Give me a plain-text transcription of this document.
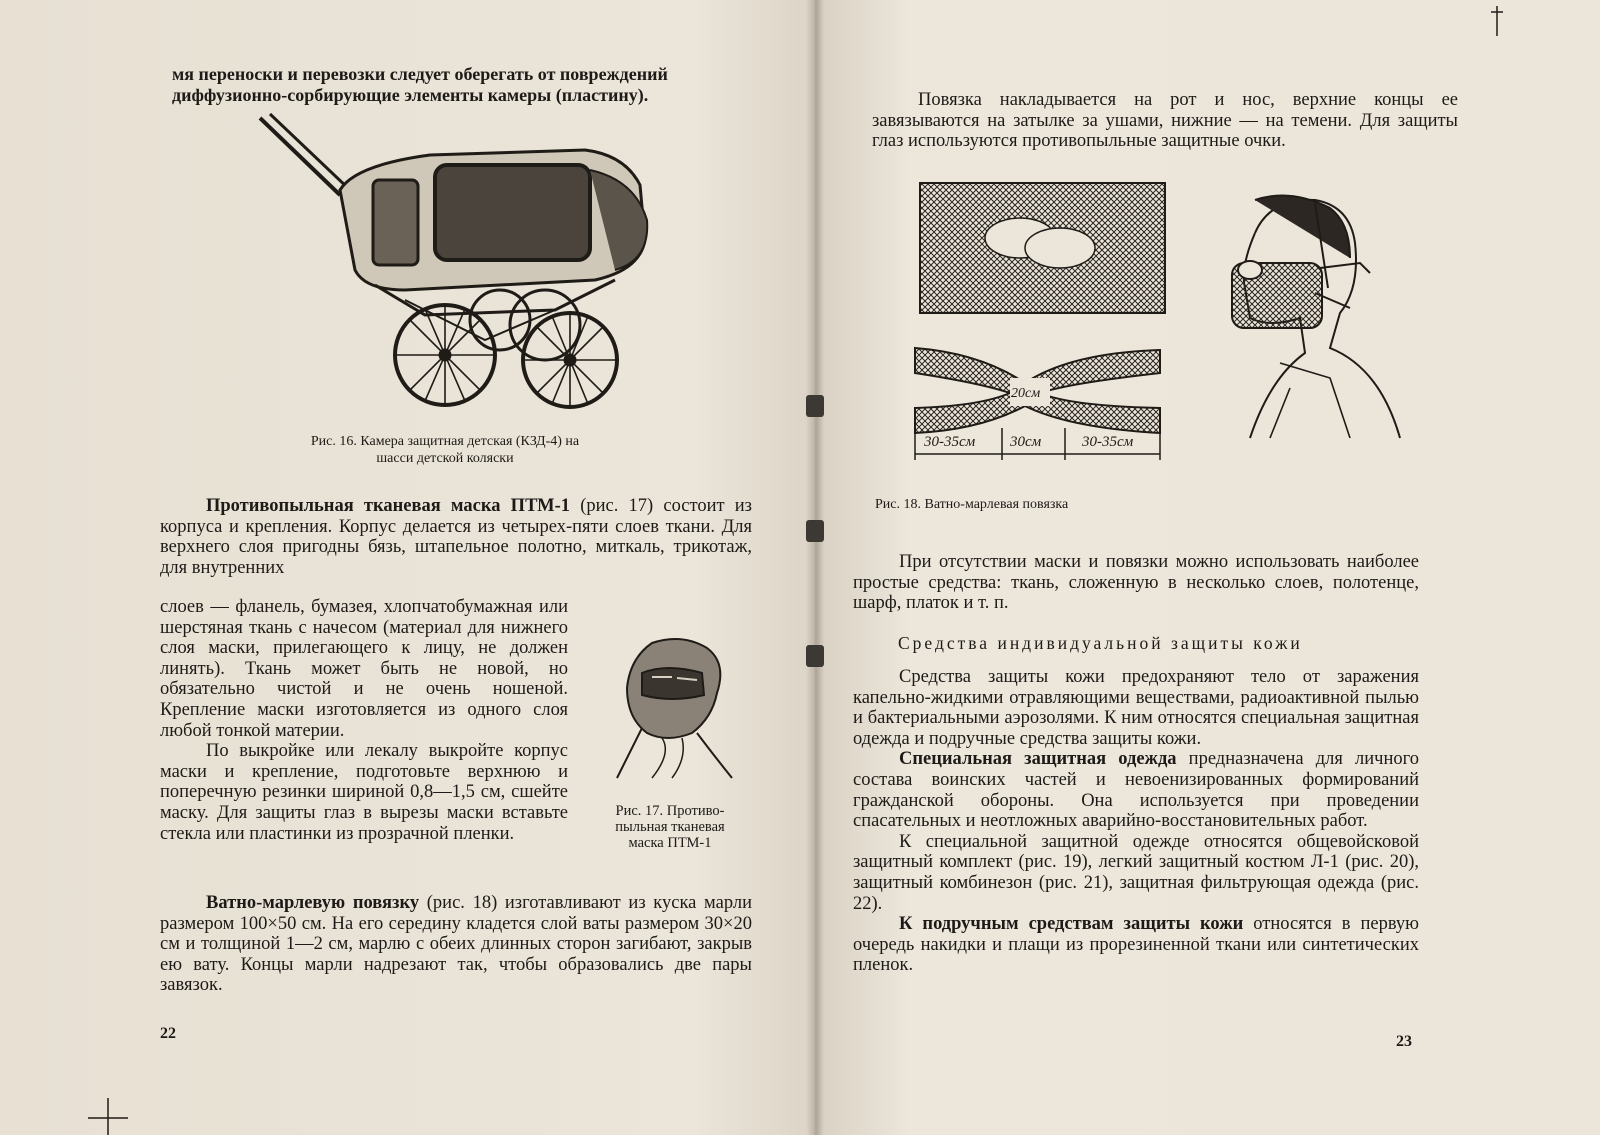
мя переноски и перевозки следует оберегать от повреждений
диффузионно-сорбирующие элементы камеры (пластину).
Рис. 16. Камера защитная детская (КЗД-4) на
шасси детской коляски

Противопыльная тканевая маска ПТМ-1 (рис. 17) состоит из корпуса и крепления. Корпус делается из четырех-пяти слоев ткани. Для верхнего слоя пригодны бязь, штапельное полотно, миткаль, трикотаж, для внутренних

слоев — фланель, бумазея, хлопчатобумажная или шерстяная ткань с начесом (материал для нижнего слоя маски, прилегающего к лицу, не должен линять). Ткань может быть не новой, но обязательно чистой и не очень ношеной. Крепление маски изготовляется из одного слоя любой тонкой материи.

По выкройке или лекалу выкройте корпус маски и крепление, подготовьте верхнюю и поперечную резинки шириной 0,8—1,5 см, сшейте маску. Для защиты глаз в вырезы маски вставьте стекла или пластинки из прозрачной пленки.

Рис. 17. Противо-
пыльная тканевая
маска ПТМ-1

Ватно-марлевую повязку (рис. 18) изготавливают из куска марли размером 100×50 см. На его середину кладется слой ваты размером 30×20 см и толщиной 1—2 см, марлю с обеих длинных сторон загибают, закрыв ею вату. Концы марли надрезают так, чтобы образовались две пары завязок.

22

Повязка накладывается на рот и нос, верхние концы ее завязываются на затылке за ушами, нижние — на темени. Для защиты глаз используются противопыльные защитные очки.

20см
30-35см 30см	30-35см
Рис. 18. Ватно-марлевая повязка

При отсутствии маски и повязки можно использовать наиболее простые средства: ткань, сложенную в несколько слоев, полотенце, шарф, платок и т. п.

Средства индивидуальной защиты кожи

Средства защиты кожи предохраняют тело от заражения капельно-жидкими отравляющими веществами, радиоактивной пылью и бактериальными аэрозолями. К ним относятся специальная защитная одежда и подручные средства защиты кожи.

Специальная защитная одежда предназначена для личного состава воинских частей и невоенизированных формирований гражданской обороны. Она используется при проведении спасательных и неотложных аварийно-восстановительных работ.

К специальной защитной одежде относятся общевойсковой защитный комплект (рис. 19), легкий защитный костюм Л-1 (рис. 20), защитный комбинезон (рис. 21), защитная фильтрующая одежда (рис. 22).

К подручным средствам защиты кожи относятся в первую очередь накидки и плащи из прорезиненной ткани или синтетических пленок.

23
